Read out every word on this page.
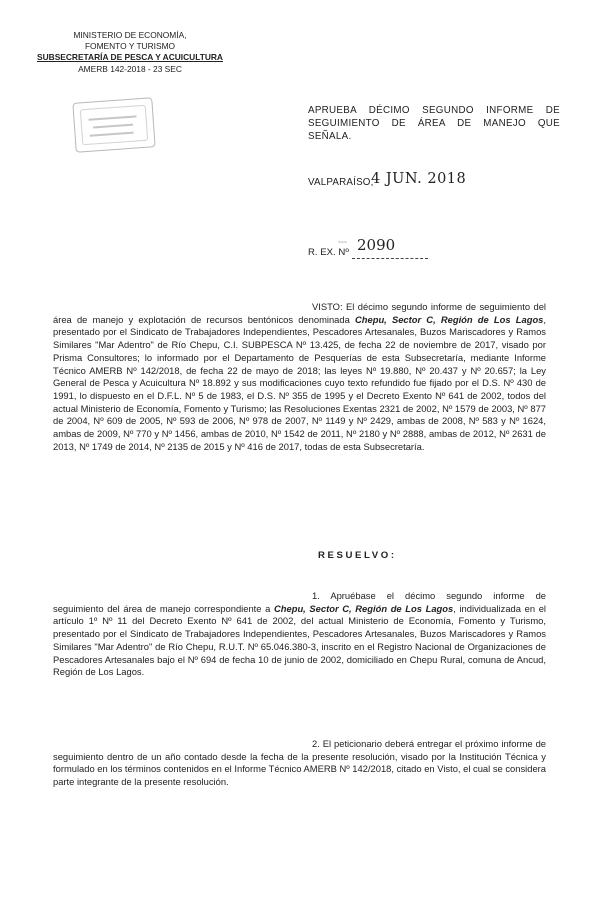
MINISTERIO DE ECONOMÍA,
FOMENTO Y TURISMO
SUBSECRETARÍA DE PESCA Y ACUICULTURA
AMERB 142-2018 - 23 SEC
APRUEBA DÉCIMO SEGUNDO INFORME DE SEGUIMIENTO DE ÁREA DE MANEJO QUE SEÑALA.
VALPARAÍSO,
4 JUN. 2018
~~~
R. EX. Nº 2090
VISTO: El décimo segundo informe de seguimiento del área de manejo y explotación de recursos bentónicos denominada Chepu, Sector C, Región de Los Lagos, presentado por el Sindicato de Trabajadores Independientes, Pescadores Artesanales, Buzos Mariscadores y Ramos Similares "Mar Adentro" de Río Chepu, C.I. SUBPESCA Nº 13.425, de fecha 22 de noviembre de 2017, visado por Prisma Consultores; lo informado por el Departamento de Pesquerías de esta Subsecretaría, mediante Informe Técnico AMERB Nº 142/2018, de fecha 22 de mayo de 2018; las leyes Nº 19.880, Nº 20.437 y Nº 20.657; la Ley General de Pesca y Acuicultura Nº 18.892 y sus modificaciones cuyo texto refundido fue fijado por el D.S. Nº 430 de 1991, lo dispuesto en el D.F.L. Nº 5 de 1983, el D.S. Nº 355 de 1995 y el Decreto Exento Nº 641 de 2002, todos del actual Ministerio de Economía, Fomento y Turismo; las Resoluciones Exentas 2321 de 2002, Nº 1579 de 2003, Nº 877 de 2004, Nº 609 de 2005, Nº 593 de 2006, Nº 978 de 2007, Nº 1149 y Nº 2429, ambas de 2008, Nº 583 y Nº 1624, ambas de 2009, Nº 770 y Nº 1456, ambas de 2010, Nº 1542 de 2011, Nº 2180 y Nº 2888, ambas de 2012, Nº 2631 de 2013, Nº 1749 de 2014, Nº 2135 de 2015 y Nº 416 de 2017, todas de esta Subsecretaría.
RESUELVO:
1. Apruébase el décimo segundo informe de seguimiento del área de manejo correspondiente a Chepu, Sector C, Región de Los Lagos, individualizada en el artículo 1º Nº 11 del Decreto Exento Nº 641 de 2002, del actual Ministerio de Economía, Fomento y Turismo, presentado por el Sindicato de Trabajadores Independientes, Pescadores Artesanales, Buzos Mariscadores y Ramos Similares "Mar Adentro" de Río Chepu, R.U.T. Nº 65.046.380-3, inscrito en el Registro Nacional de Organizaciones de Pescadores Artesanales bajo el Nº 694 de fecha 10 de junio de 2002, domiciliado en Chepu Rural, comuna de Ancud, Región de Los Lagos.
2. El peticionario deberá entregar el próximo informe de seguimiento dentro de un año contado desde la fecha de la presente resolución, visado por la Institución Técnica y formulado en los términos contenidos en el Informe Técnico AMERB Nº 142/2018, citado en Visto, el cual se considera parte integrante de la presente resolución.
